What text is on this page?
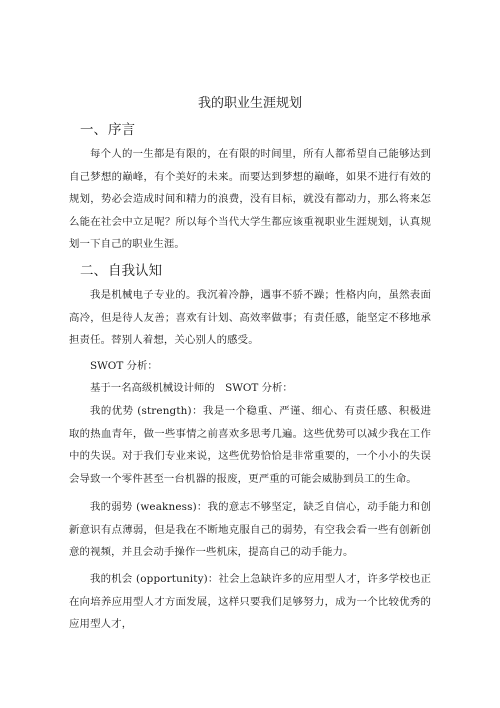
我的职业生涯规划
一、序言
每个人的一生都是有限的，在有限的时间里，所有人都希望自己能够达到自己梦想的巅峰，有个美好的未来。而要达到梦想的巅峰，如果不进行有效的规划，势必会造成时间和精力的浪费，没有目标，就没有都动力，那么将来怎么能在社会中立足呢？所以每个当代大学生都应该重视职业生涯规划，认真规划一下自己的职业生涯。
二、自我认知
我是机械电子专业的。我沉着冷静，遇事不骄不躁；性格内向，虽然表面高冷，但是待人友善；喜欢有计划、高效率做事；有责任感，能坚定不移地承担责任。替别人着想，关心别人的感受。
SWOT 分析：
基于一名高级机械设计师的　SWOT 分析：
我的优势 (strength)：我是一个稳重、严谨、细心、有责任感、积极进取的热血青年，做一些事情之前喜欢多思考几遍。这些优势可以减少我在工作中的失误。对于我们专业来说，这些优势恰恰是非常重要的，一个小小的失误会导致一个零件甚至一台机器的报废，更严重的可能会威胁到员工的生命。
我的弱势 (weakness)：我的意志不够坚定，缺乏自信心，动手能力和创新意识有点薄弱，但是我在不断地克服自己的弱势，有空我会看一些有创新创意的视频，并且会动手操作一些机床，提高自己的动手能力。
我的机会 (opportunity)：社会上急缺许多的应用型人才，许多学校也正在向培养应用型人才方面发展，这样只要我们足够努力，成为一个比较优秀的应用型人才，
